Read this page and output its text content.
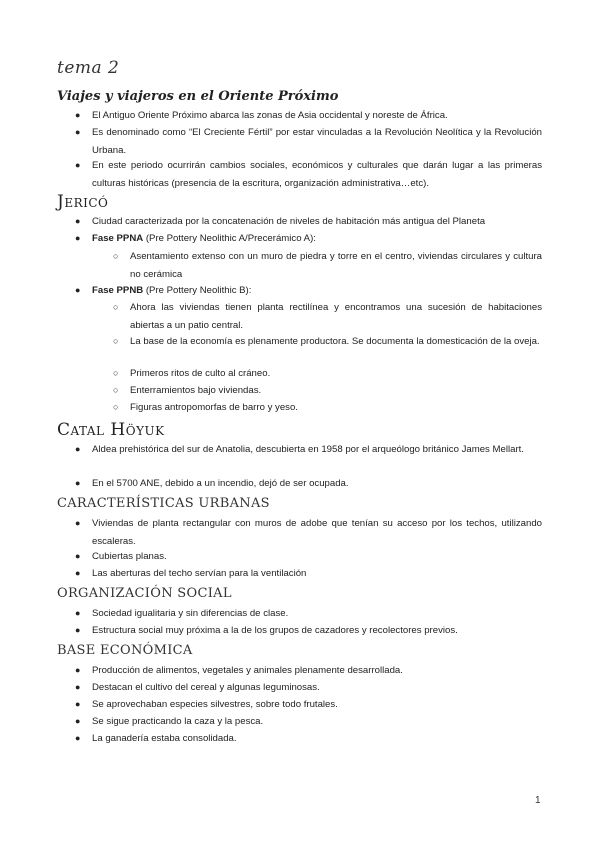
tema 2
Viajes y viajeros en el Oriente Próximo
● El Antiguo Oriente Próximo abarca las zonas de Asia occidental y noreste de África.
● Es denominado como “El Creciente Fértil” por estar vinculadas a la Revolución Neolítica y la Revolución Urbana.
● En este periodo ocurrirán cambios sociales, económicos y culturales que darán lugar a las primeras culturas históricas (presencia de la escritura, organización administrativa…etc).
Jericó
● Ciudad caracterizada por la concatenación de niveles de habitación más antigua del Planeta
● Fase PPNA (Pre Pottery Neolithic A/Precerámico A):
○ Asentamiento extenso con un muro de piedra y torre en el centro, viviendas circulares y cultura no cerámica
● Fase PPNB (Pre Pottery Neolithic B):
○ Ahora las viviendas tienen planta rectilínea y encontramos una sucesión de habitaciones abiertas a un patio central.
○ La base de la economía es plenamente productora. Se documenta la domesticación de la oveja.
○ Primeros ritos de culto al cráneo.
○ Enterramientos bajo viviendas.
○ Figuras antropomorfas de barro y yeso.
Catal Höyuk
● Aldea prehistórica del sur de Anatolia, descubierta en 1958 por el arqueólogo británico James Mellart.
● En el 5700 ANE, debido a un incendio, dejó de ser ocupada.
CARACTERÍSTICAS URBANAS
● Viviendas de planta rectangular con muros de adobe que tenían su acceso por los techos, utilizando escaleras.
● Cubiertas planas.
● Las aberturas del techo servían para la ventilación
ORGANIZACIÓN SOCIAL
● Sociedad igualitaria y sin diferencias de clase.
● Estructura social muy próxima a la de los grupos de cazadores y recolectores previos.
BASE ECONÓMICA
● Producción de alimentos, vegetales y animales plenamente desarrollada.
● Destacan el cultivo del cereal y algunas leguminosas.
● Se aprovechaban especies silvestres, sobre todo frutales.
● Se sigue practicando la caza y la pesca.
● La ganadería estaba consolidada.
1
